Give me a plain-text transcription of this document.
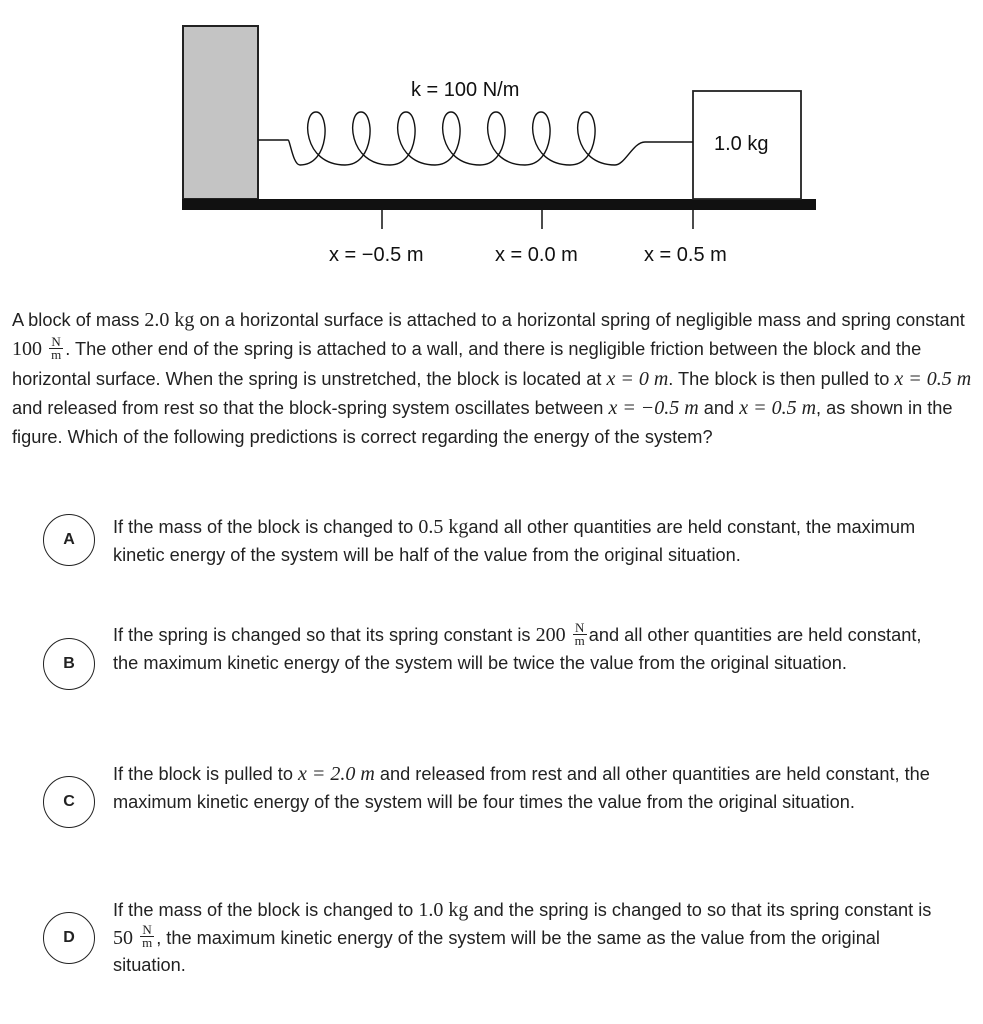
k = 100 N/m
1.0 kg
x = −0.5 m	x = 0.0 m	x = 0.5 m
A block of mass 2.0 kg on a horizontal surface is attached to a horizontal spring of negligible mass and spring constant $100 \frac{N}{m}$ . The other end of the spring is attached to a wall, and there is negligible friction between the block and the horizontal surface. When the spring is unstretched, the block is located at x = 0 m. The block is then pulled to x = 0.5 m and released from rest so that the block-spring system oscillates between x = −0.5 m and x = 0.5 m, as shown in the figure. Which of the following predictions is correct regarding the energy of the system?
A
If the mass of the block is changed to 0.5 kgand all other quantities are held constant, the maximum kinetic energy of the system will be half of the value from the original situation.
B
If the spring is changed so that its spring constant is $200 \frac{N}{m}$ and all other quantities are held constant, the maximum kinetic energy of the system will be twice the value from the original situation.
C
If the block is pulled to x = 2.0 m and released from rest and all other quantities are held constant, the maximum kinetic energy of the system will be four times the value from the original situation.
D
If the mass of the block is changed to 1.0 kg and the spring is changed to so that its spring constant is $50 \frac{N}{m}$ , the maximum kinetic energy of the system will be the same as the value from the original situation.
